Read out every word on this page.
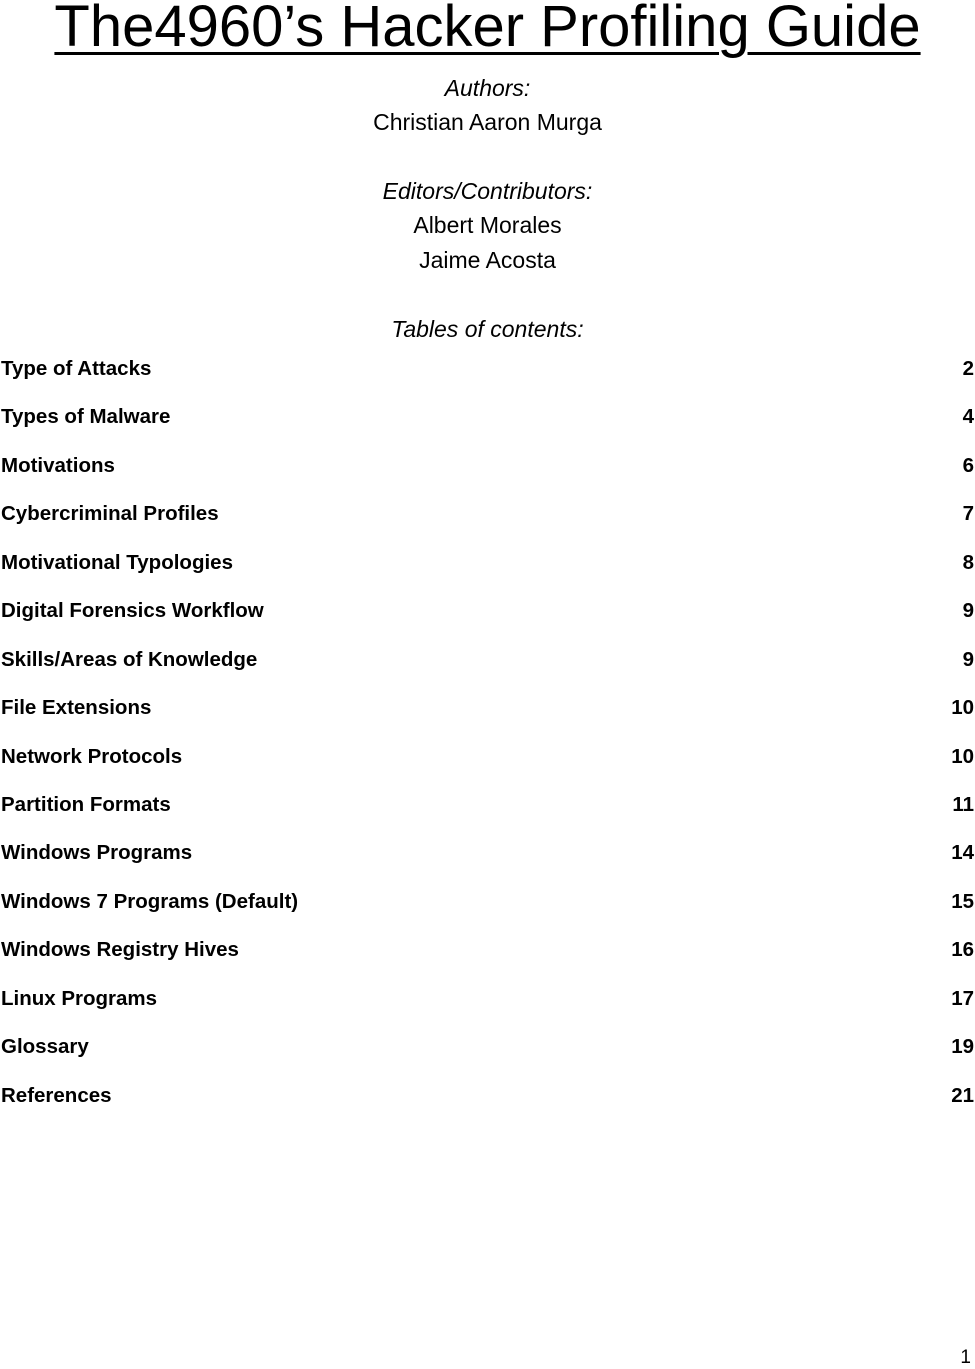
The4960’s Hacker Profiling Guide
Authors:
Christian Aaron Murga
Editors/Contributors:
Albert Morales
Jaime Acosta
Tables of contents:
Type of Attacks	2
Types of Malware	4
Motivations	6
Cybercriminal Profiles	7
Motivational Typologies	8
Digital Forensics Workflow	9
Skills/Areas of Knowledge	9
File Extensions	10
Network Protocols	10
Partition Formats	11
Windows Programs	14
Windows 7 Programs (Default)	15
Windows Registry Hives	16
Linux Programs	17
Glossary	19
References	21
1
